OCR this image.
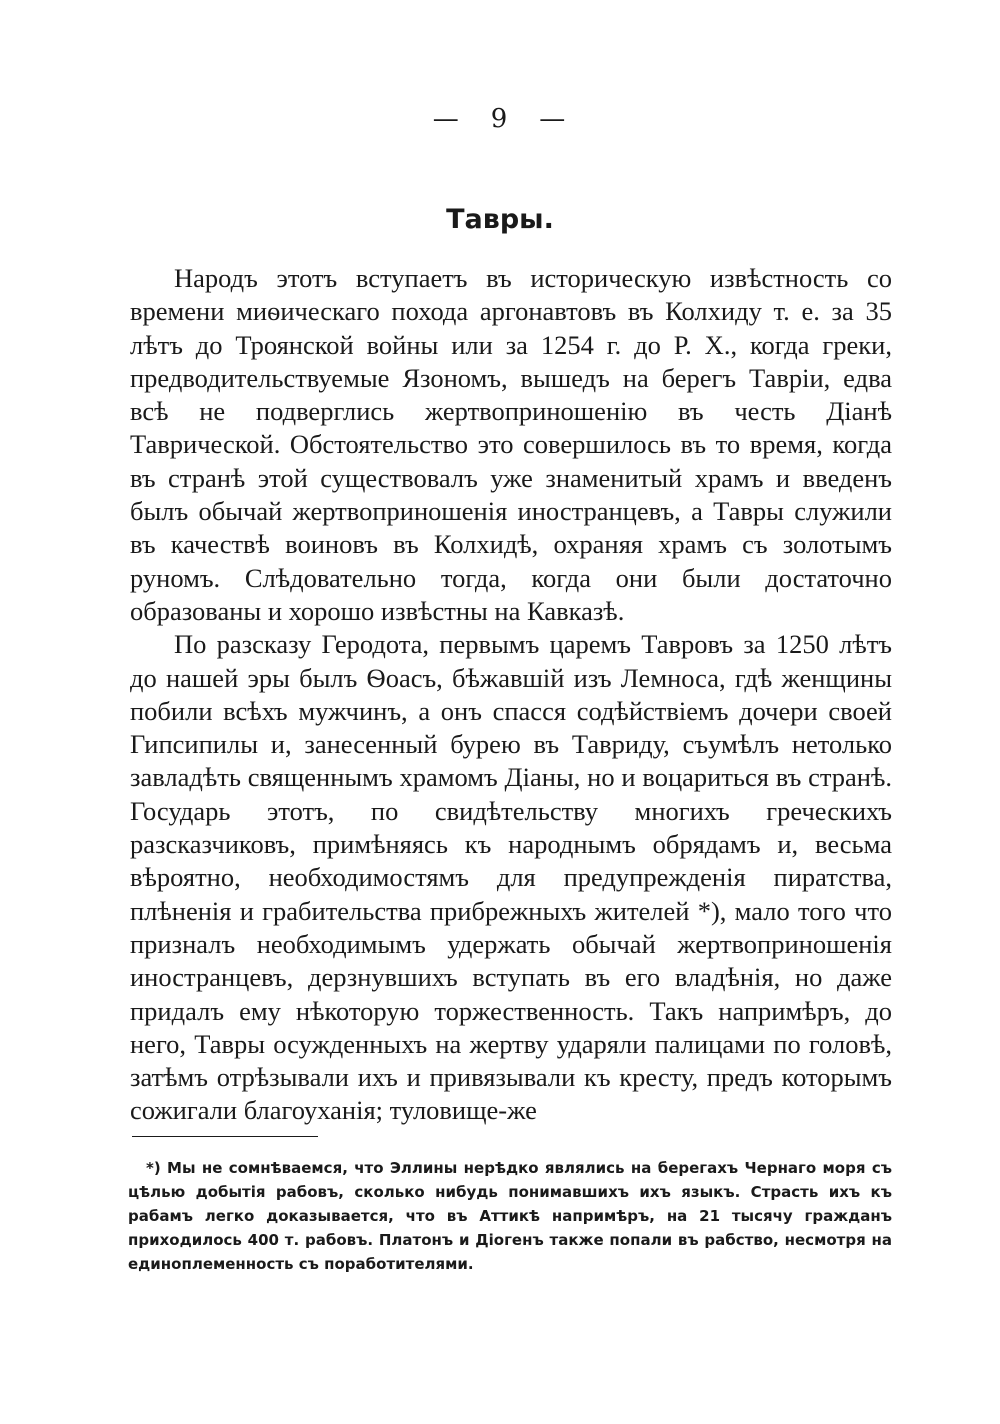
— 9 —
Тавры.

Народъ этотъ вступаетъ въ историческую извѣстность со времени миѳическаго похода аргонавтовъ въ Колхиду т. е. за 35 лѣтъ до Троянской войны или за 1254 г. до Р. Х., когда греки, предводительствуемые Язономъ, вышедъ на берегъ Тавріи, едва всѣ не подверглись жертвоприношенію въ честь Діанѣ Таврической. Обстоятельство это совершилось въ то время, когда въ странѣ этой существовалъ уже знаменитый храмъ и введенъ былъ обычай жертвоприношенія иностранцевъ, а Тавры служили въ качествѣ воиновъ въ Колхидѣ, охраняя храмъ съ золотымъ руномъ. Слѣдовательно тогда, когда они были достаточно образованы и хорошо извѣстны на Кавказѣ.

По разсказу Геродота, первымъ царемъ Тавровъ за 1250 лѣтъ до нашей эры былъ Ѳоасъ, бѣжавшій изъ Лемноса, гдѣ женщины побили всѣхъ мужчинъ, а онъ спасся содѣйствіемъ дочери своей Гипсипилы и, занесенный бурею въ Тавриду, съумѣлъ нетолько завладѣть священнымъ храмомъ Діаны, но и воцариться въ странѣ. Государь этотъ, по свидѣтельству многихъ греческихъ разсказчиковъ, примѣняясь къ народнымъ обрядамъ и, весьма вѣроятно, необходимостямъ для предупрежденія пиратства, плѣненія и грабительства прибрежныхъ жителей *), мало того что призналъ необходимымъ удержать обычай жертвоприношенія иностранцевъ, дерзнувшихъ вступать въ его владѣнія, но даже придалъ ему нѣкоторую торжественность. Такъ напримѣръ, до него, Тавры осужденныхъ на жертву ударяли палицами по головѣ, затѣмъ отрѣзывали ихъ и привязывали къ кресту, предъ которымъ сожигали благоуханія; туловище-же

*) Мы не сомнѣваемся, что Эллины нерѣдко являлись на берегахъ Чернаго моря съ цѣлью добытія рабовъ, сколько нибудь понимавшихъ ихъ языкъ. Страсть ихъ къ рабамъ легко доказывается, что въ Аттикѣ напримѣръ, на 21 тысячу гражданъ приходилось 400 т. рабовъ. Платонъ и Діогенъ также попали въ рабство, несмотря на единоплеменность съ поработителями.
